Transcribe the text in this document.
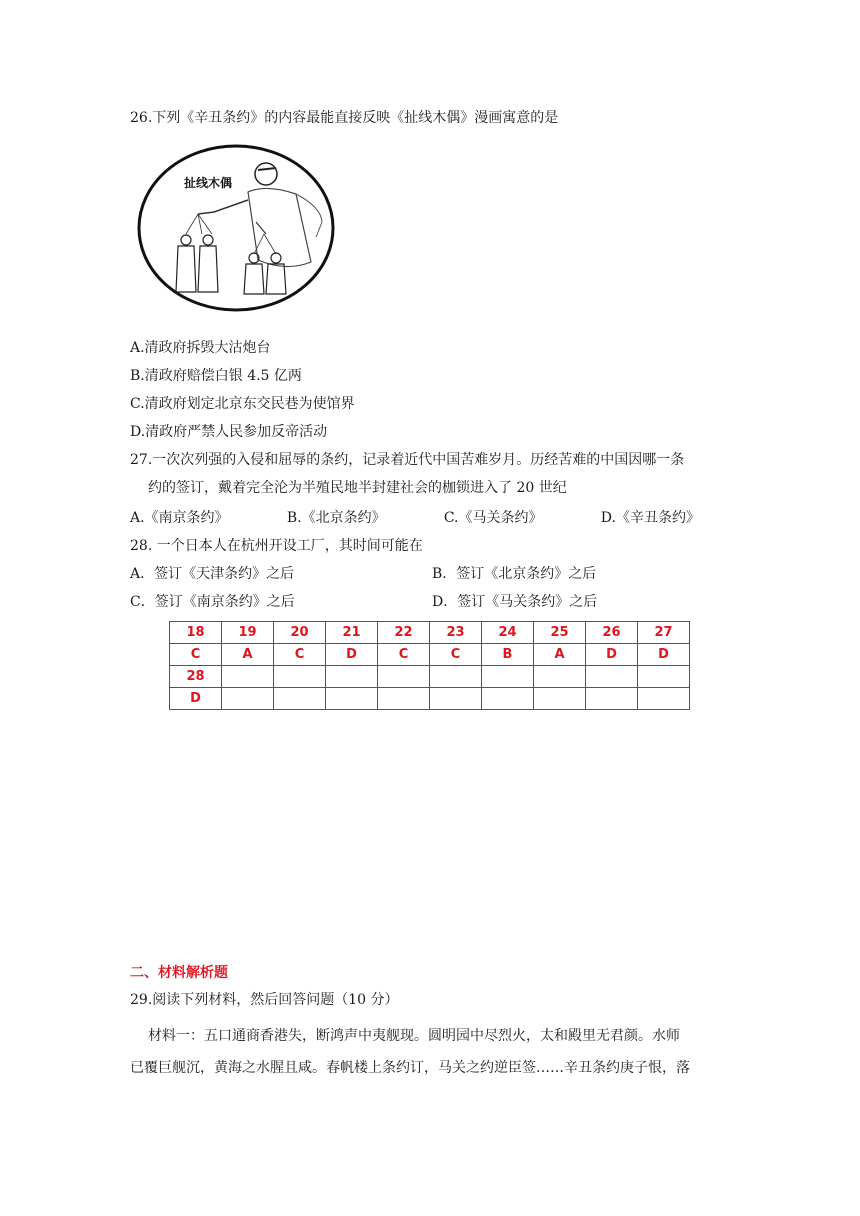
26.下列《辛丑条约》的内容最能直接反映《扯线木偶》漫画寓意的是
扯线木偶
A.清政府拆毁大沽炮台
B.清政府赔偿白银 4.5 亿两
C.清政府划定北京东交民巷为使馆界
D.清政府严禁人民参加反帝活动
27.一次次列强的入侵和屈辱的条约，记录着近代中国苦难岁月。历经苦难的中国因哪一条
约的签订，戴着完全沦为半殖民地半封建社会的枷锁进入了 20 世纪
A.《南京条约》	B.《北京条约》	C.《马关条约》	D.《辛丑条约》
28. 一个日本人在杭州开设工厂，其时间可能在
A．签订《天津条约》之后	B．签订《北京条约》之后
C．签订《南京条约》之后	D．签订《马关条约》之后
18	19	20	21	22	23	24	25	26	27
C	A	C	D	C	C	B	A	D	D
28									
D									
二、材料解析题
29.阅读下列材料，然后回答问题（10 分）
材料一：五口通商香港失，断鸿声中夷舰现。圆明园中尽烈火，太和殿里无君颜。水师
已覆巨舰沉，黄海之水腥且咸。春帆楼上条约订，马关之约逆臣签……辛丑条约庚子恨，落
